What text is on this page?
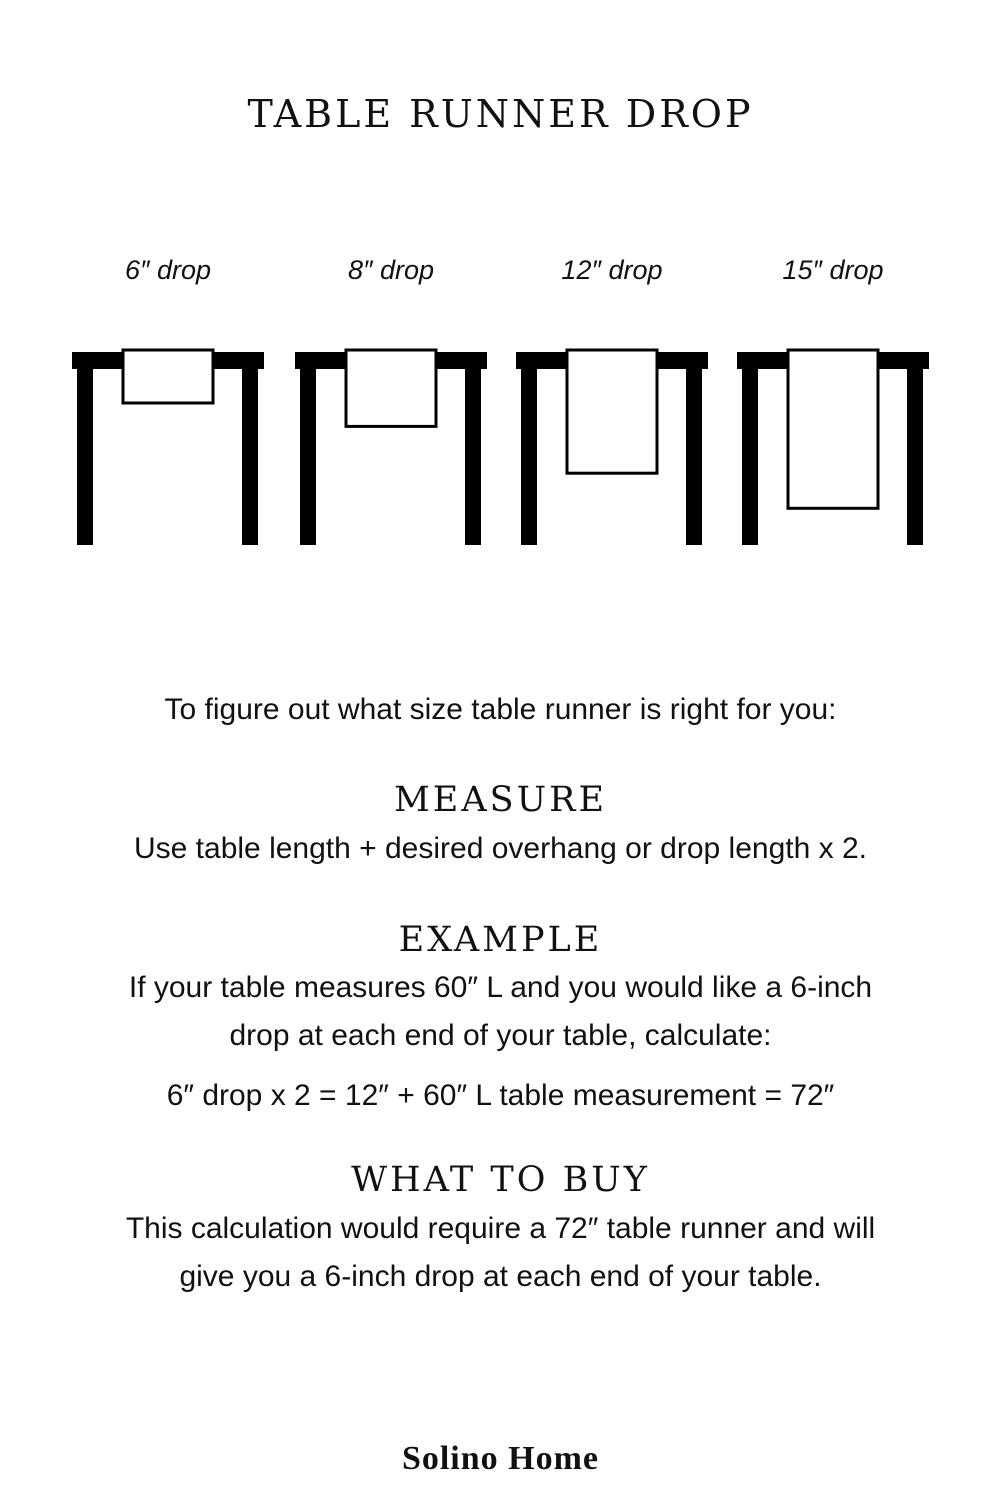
TABLE RUNNER DROP
6″ drop	8″ drop	12″ drop	15″ drop
To figure out what size table runner is right for you:
MEASURE
Use table length + desired overhang or drop length x 2.
EXAMPLE
If your table measures 60″ L and you would like a 6-inch
drop at each end of your table, calculate:
6″ drop x 2 = 12″ + 60″ L table measurement = 72″
WHAT TO BUY
This calculation would require a 72″ table runner and will
give you a 6-inch drop at each end of your table.
Solino Home
